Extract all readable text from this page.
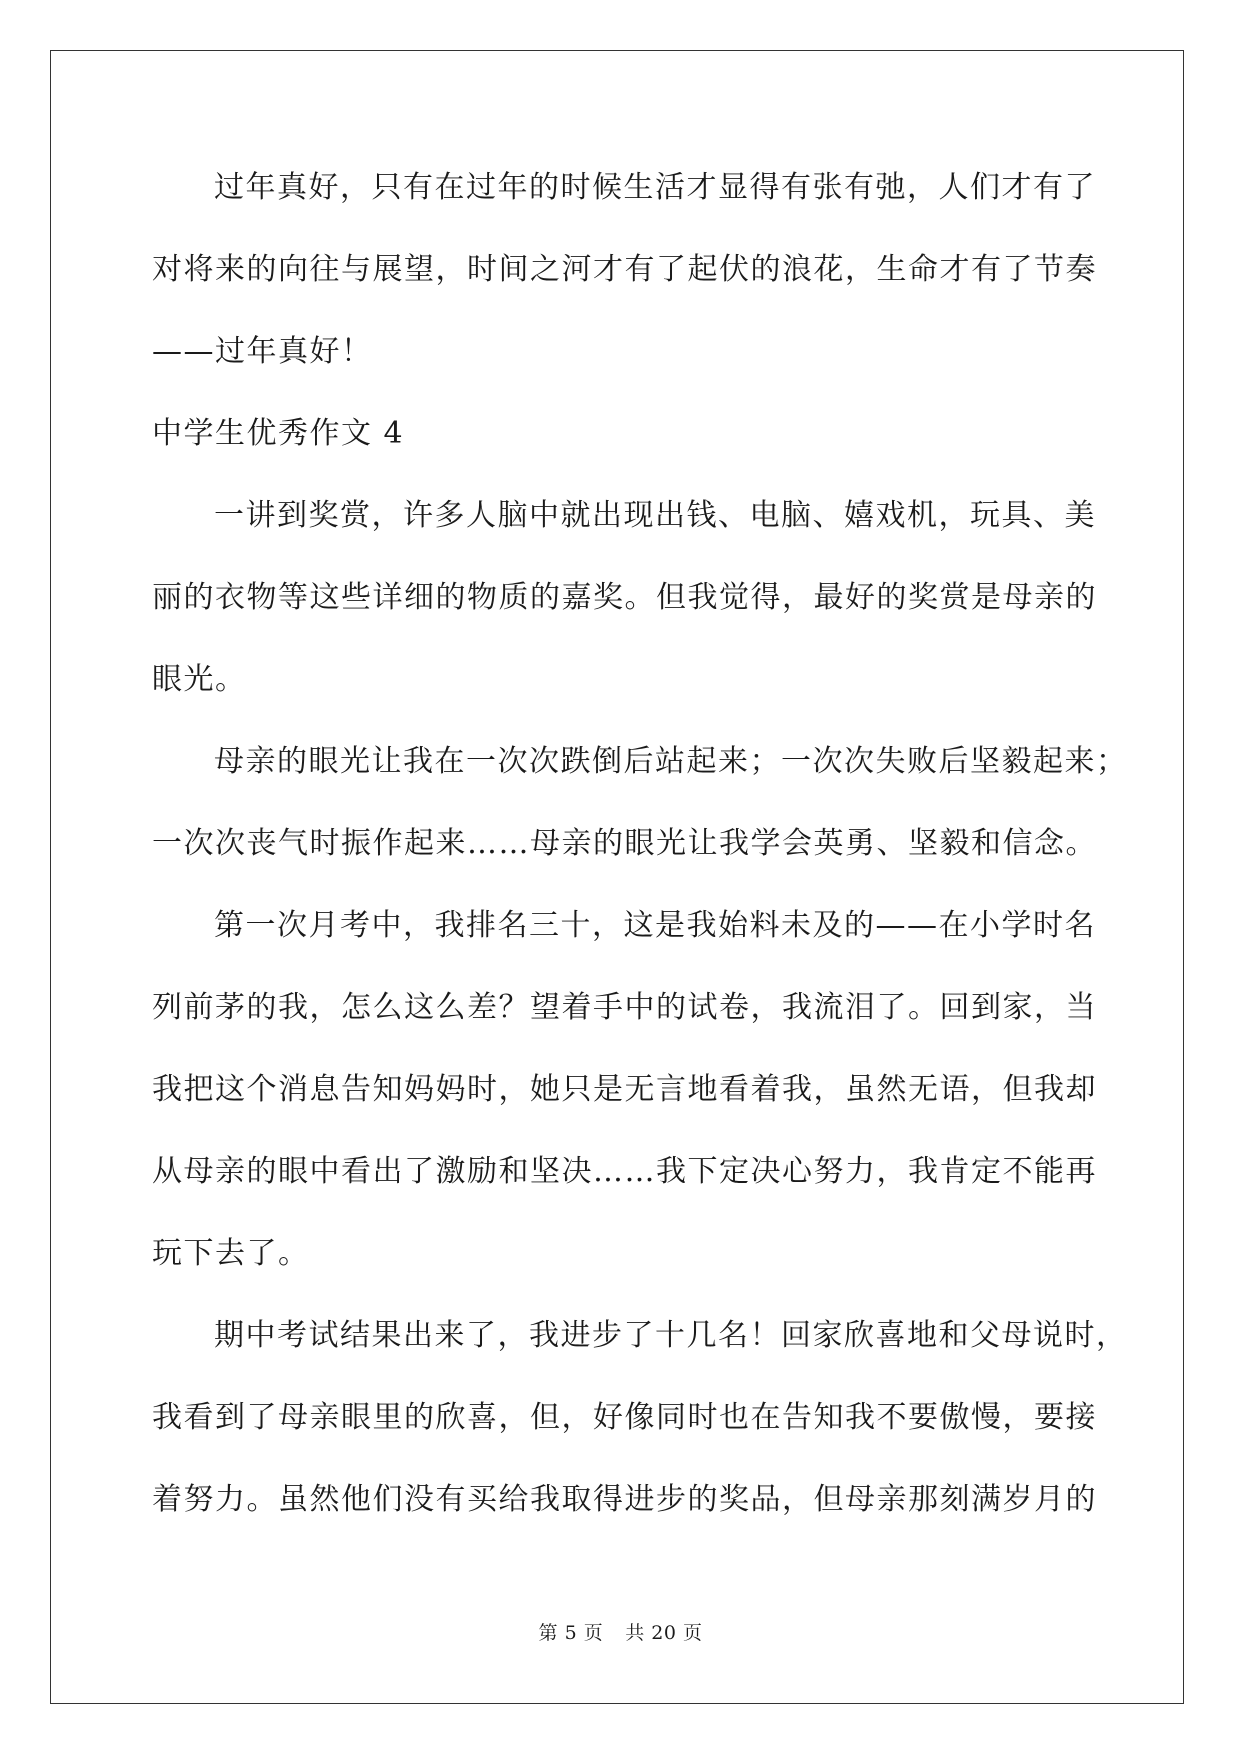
过年真好，只有在过年的时候生活才显得有张有弛，人们才有了
对将来的向往与展望，时间之河才有了起伏的浪花，生命才有了节奏
——过年真好！
中学生优秀作文 4
一讲到奖赏，许多人脑中就出现出钱、电脑、嬉戏机，玩具、美
丽的衣物等这些详细的物质的嘉奖。但我觉得，最好的奖赏是母亲的
眼光。
母亲的眼光让我在一次次跌倒后站起来；一次次失败后坚毅起来；
一次次丧气时振作起来……母亲的眼光让我学会英勇、坚毅和信念。
第一次月考中，我排名三十，这是我始料未及的——在小学时名
列前茅的我，怎么这么差？望着手中的试卷，我流泪了。回到家，当
我把这个消息告知妈妈时，她只是无言地看着我，虽然无语，但我却
从母亲的眼中看出了激励和坚决……我下定决心努力，我肯定不能再
玩下去了。
期中考试结果出来了，我进步了十几名！回家欣喜地和父母说时，
我看到了母亲眼里的欣喜，但，好像同时也在告知我不要傲慢，要接
着努力。虽然他们没有买给我取得进步的奖品，但母亲那刻满岁月的
第 5 页 共 20 页
